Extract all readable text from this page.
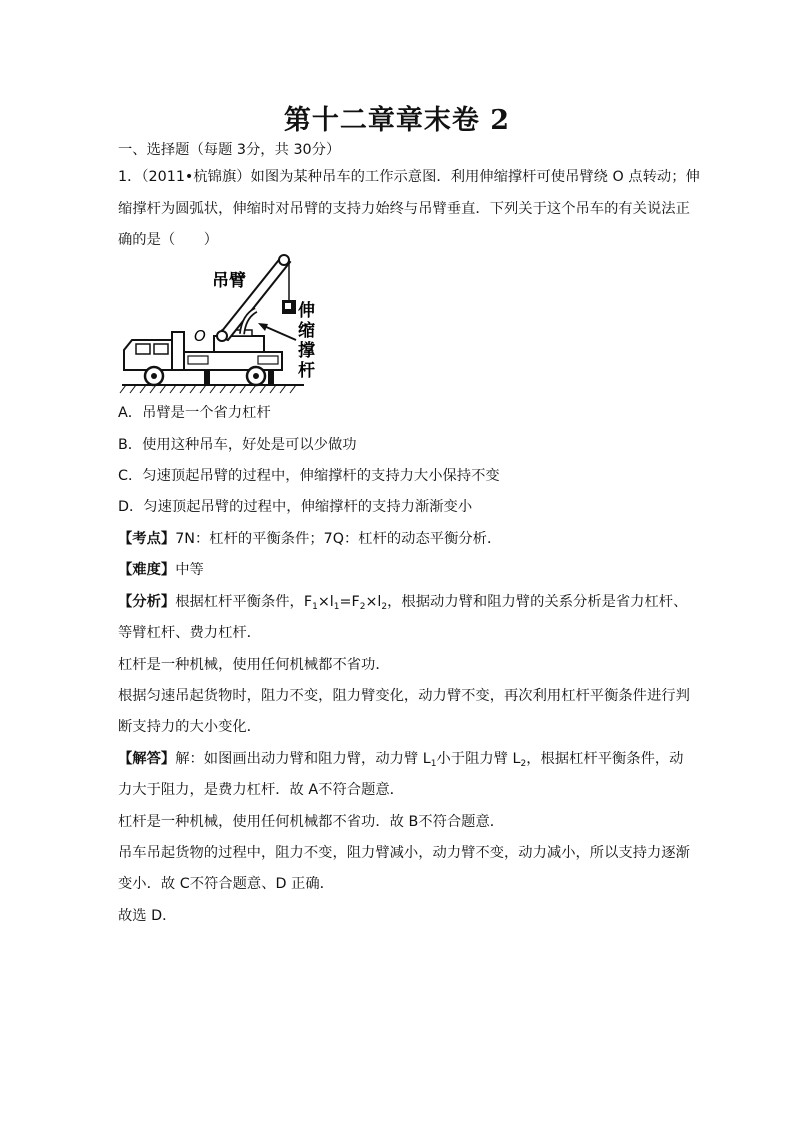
第十二章章末卷 2
一、选择题（每题 3分，共 30分）
1．（2011•杭锦旗）如图为某种吊车的工作示意图．利用伸缩撑杆可使吊臂绕 O 点转动；伸
缩撑杆为圆弧状，伸缩时对吊臂的支持力始终与吊臂垂直．下列关于这个吊车的有关说法正
确的是（　　）
吊臂
O
伸
缩
撑
杆
A．吊臂是一个省力杠杆
B．使用这种吊车，好处是可以少做功
C．匀速顶起吊臂的过程中，伸缩撑杆的支持力大小保持不变
D．匀速顶起吊臂的过程中，伸缩撑杆的支持力渐渐变小
【考点】7N：杠杆的平衡条件；7Q：杠杆的动态平衡分析．
【难度】中等
【分析】根据杠杆平衡条件，$F_1\times l_1=F_2\times l_2$，根据动力臂和阻力臂的关系分析是省力杠杆、
等臂杠杆、费力杠杆．
杠杆是一种机械，使用任何机械都不省功．
根据匀速吊起货物时，阻力不变，阻力臂变化，动力臂不变，再次利用杠杆平衡条件进行判
断支持力的大小变化．
【解答】解：如图画出动力臂和阻力臂，动力臂 $L_1$小于阻力臂 $L_2$，根据杠杆平衡条件，动
力大于阻力，是费力杠杆．故 A不符合题意．
杠杆是一种机械，使用任何机械都不省功．故 B不符合题意．
吊车吊起货物的过程中，阻力不变，阻力臂减小，动力臂不变，动力减小，所以支持力逐渐
变小．故 C不符合题意、D 正确．
故选 D．
